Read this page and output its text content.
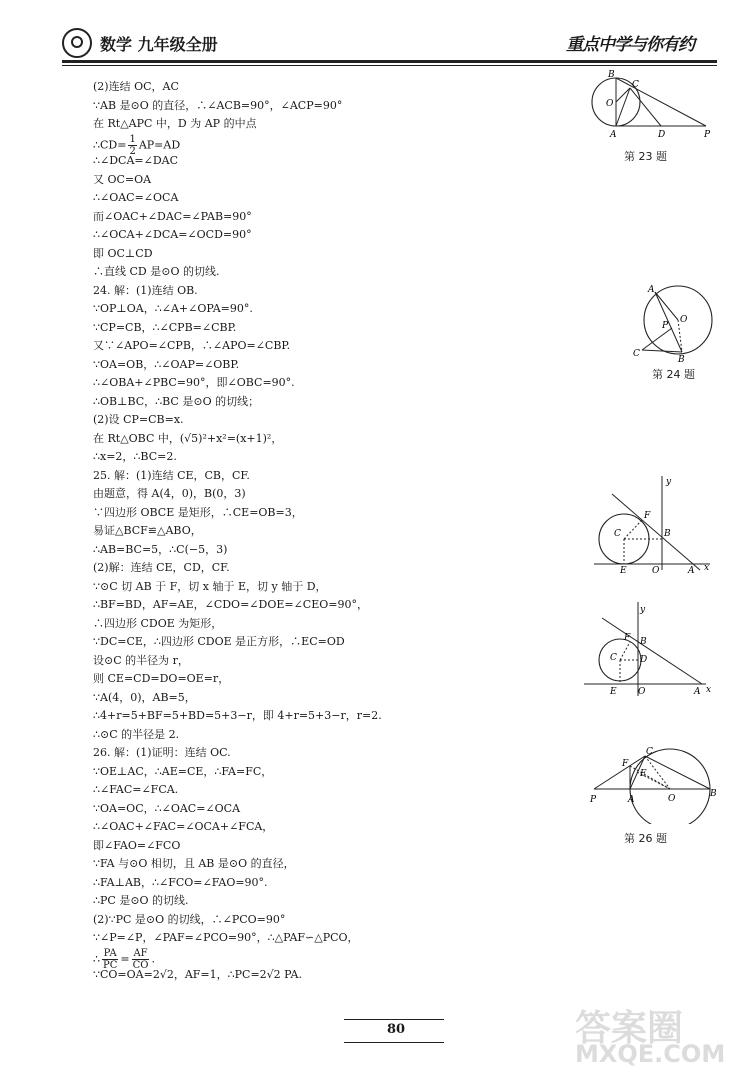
数学 九年级全册	重点中学与你有约
(2)连结 OC，AC
∵AB 是⊙O 的直径，∴∠ACB=90°，∠ACP=90°
在 Rt△APC 中，D 为 AP 的中点
∴CD= $\frac{1}{2} AP=AD$
∴∠DCA=∠DAC
又 OC=OA
∴∠OAC=∠OCA
而∠OAC+∠DAC=∠PAB=90°
∴∠OCA+∠DCA=∠OCD=90°
即 OC⊥CD
∴直线 CD 是⊙O 的切线.
24. 解：(1)连结 OB.
∵OP⊥OA，∴∠A+∠OPA=90°.
∵CP=CB，∴∠CPB=∠CBP.
又∵∠APO=∠CPB，∴∠APO=∠CBP.
∵OA=OB，∴∠OAP=∠OBP.
∴∠OBA+∠PBC=90°，即∠OBC=90°.
∴OB⊥BC，∴BC 是⊙O 的切线；
(2)设 CP=CB=x.
在 Rt△OBC 中，(√5)²+x²=(x+1)²，
∴x=2，∴BC=2.
25. 解：(1)连结 CE，CB，CF.
由题意，得 A(4，0)，B(0，3)
∵四边形 OBCE 是矩形，∴CE=OB=3，
易证△BCF≌△ABO，
∴AB=BC=5，∴C(−5，3)
(2)解：连结 CE，CD，CF.
∵⊙C 切 AB 于 F，切 x 轴于 E，切 y 轴于 D，
∴BF=BD，AF=AE，∠CDO=∠DOE=∠CEO=90°，
∴四边形 CDOE 为矩形，
∵DC=CE，∴四边形 CDOE 是正方形，∴EC=OD
设⊙C 的半径为 r，
则 CE=CD=DO=OE=r，
∵A(4，0)，AB=5，
∴4+r=5+BF=5+BD=5+3−r，即 4+r=5+3−r，r=2.
∴⊙C 的半径是 2.
26. 解：(1)证明：连结 OC.
∵OE⊥AC，∴AE=CE，∴FA=FC，
∴∠FAC=∠FCA.
∵OA=OC，∴∠OAC=∠OCA
∴∠OAC+∠FAC=∠OCA+∠FCA，
即∠FAO=∠FCO
∵FA 与⊙O 相切，且 AB 是⊙O 的直径，
∴FA⊥AB，∴∠FCO=∠FAO=90°.
∴PC 是⊙O 的切线.
(2)∵PC 是⊙O 的切线，∴∠PCO=90°
∵∠P=∠P，∠PAF=∠PCO=90°，∴△PAF∽△PCO，
∴ $\frac{PA}{PC} = \frac{AF}{CO}$ .
∵CO=OA=2√2，AF=1，∴PC=2√2 PA.
B
C
O
A	D	P
第 23 题
A
P
O
C
B
第 24 题
y
F
C	B
E	O	A x
y
F B
C	D
E O	A x
C
F
E
P	A	O	B
第 26 题
80	答案圈
MXQE.COM
